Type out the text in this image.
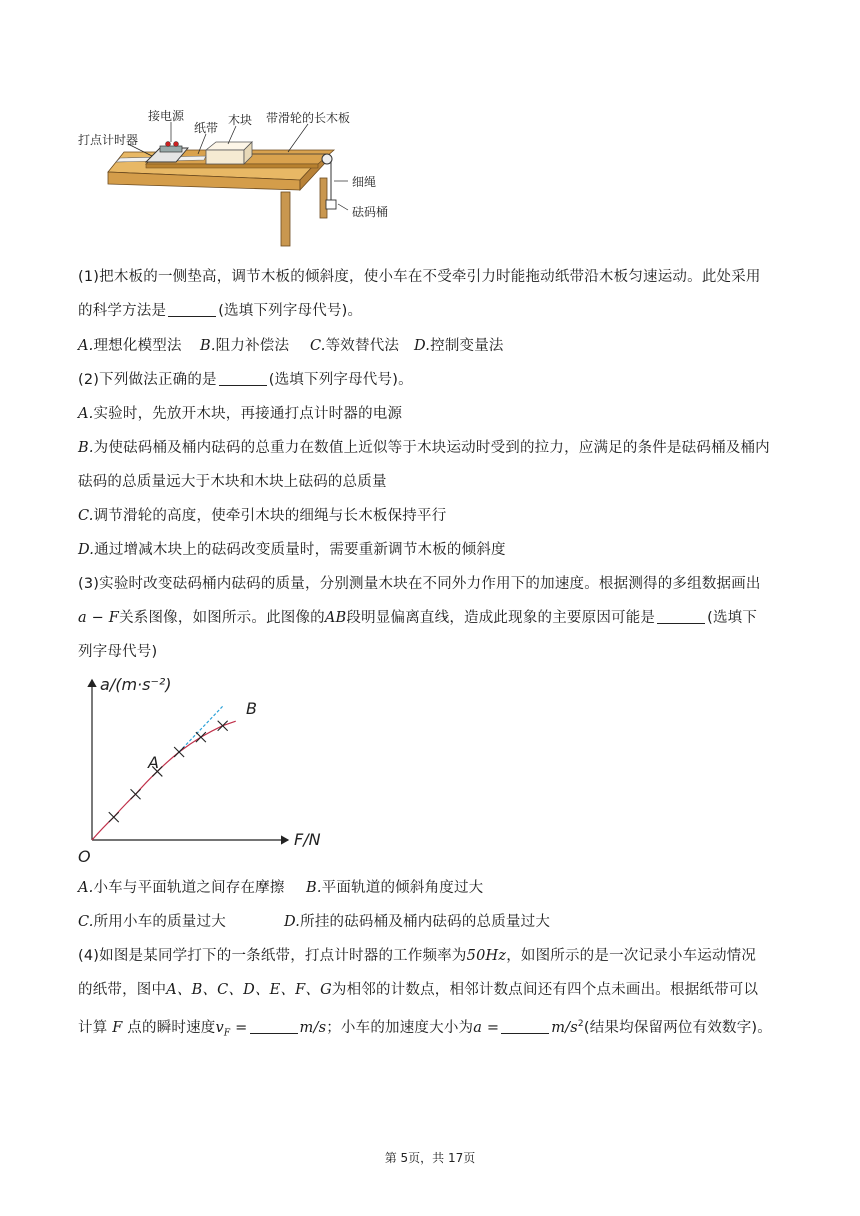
接电源
纸带
木块 带滑轮的长木板
打点计时器
细绳
砝码桶
(1)把木板的一侧垫高，调节木板的倾斜度，使小车在不受牵引力时能拖动纸带沿木板匀速运动。此处采用
的科学方法是	(选填下列字母代号)。
A.理想化模型法 B.阻力补偿法 C.等效替代法 D.控制变量法
(2)下列做法正确的是	(选填下列字母代号)。
A.实验时，先放开木块，再接通打点计时器的电源
B.为使砝码桶及桶内砝码的总重力在数值上近似等于木块运动时受到的拉力，应满足的条件是砝码桶及桶内
砝码的总质量远大于木块和木块上砝码的总质量
C.调节滑轮的高度，使牵引木块的细绳与长木板保持平行
D.通过增减木块上的砝码改变质量时，需要重新调节木板的倾斜度
(3)实验时改变砝码桶内砝码的质量，分别测量木块在不同外力作用下的加速度。根据测得的多组数据画出
a − F关系图像，如图所示。此图像的AB段明显偏离直线，造成此现象的主要原因可能是	(选填下
列字母代号)
a/(m·s⁻²)
F/N
O
A
B
A.小车与平面轨道之间存在摩擦 B.平面轨道的倾斜角度过大
C.所用小车的质量过大	D.所挂的砝码桶及桶内砝码的总质量过大
(4)如图是某同学打下的一条纸带，打点计时器的工作频率为50Hz，如图所示的是一次记录小车运动情况
的纸带，图中A、B、C、D、E、F、G为相邻的计数点，相邻计数点间还有四个点未画出。根据纸带可以
计算 F 点的瞬时速度$v_F$ =	m/s；小车的加速度大小为a =	$m/s^2$(结果均保留两位有效数字)。
第 5页，共 17页
